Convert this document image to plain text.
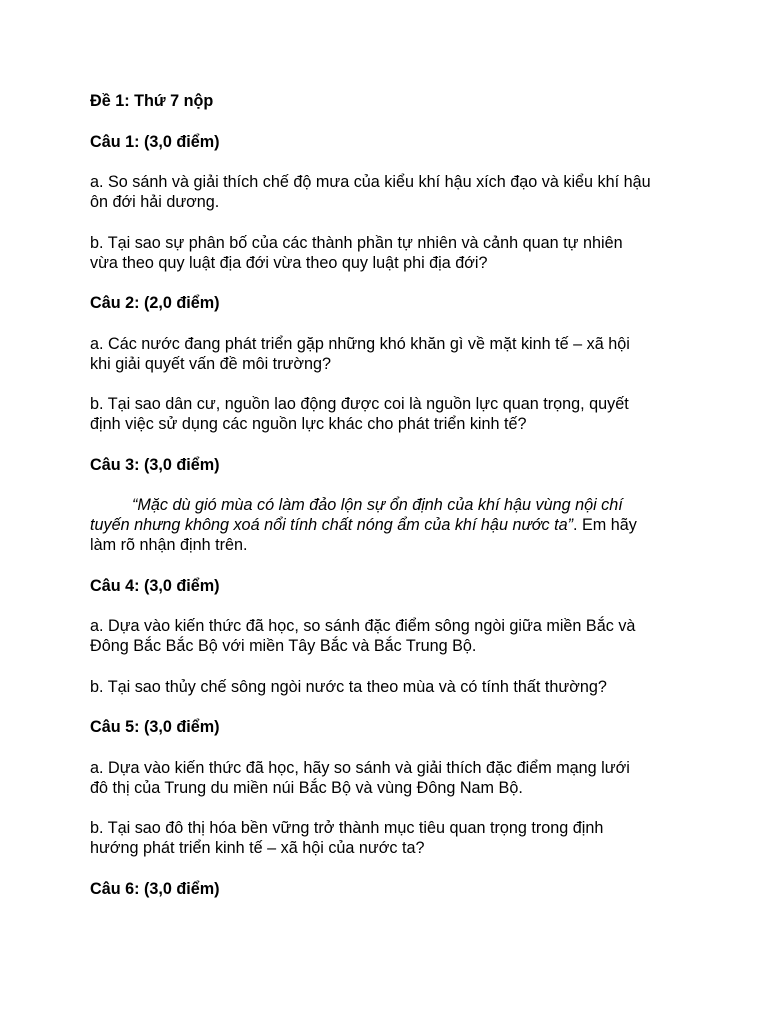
Đề 1: Thứ 7 nộp

Câu 1: (3,0 điểm)

a. So sánh và giải thích chế độ mưa của kiểu khí hậu xích đạo và kiểu khí hậu
ôn đới hải dương.

b. Tại sao sự phân bố của các thành phần tự nhiên và cảnh quan tự nhiên
vừa theo quy luật địa đới vừa theo quy luật phi địa đới?

Câu 2: (2,0 điểm)

a. Các nước đang phát triển gặp những khó khăn gì về mặt kinh tế – xã hội
khi giải quyết vấn đề môi trường?

b. Tại sao dân cư, nguồn lao động được coi là nguồn lực quan trọng, quyết
định việc sử dụng các nguồn lực khác cho phát triển kinh tế?

Câu 3: (3,0 điểm)

“Mặc dù gió mùa có làm đảo lộn sự ổn định của khí hậu vùng nội chí
tuyến nhưng không xoá nổi tính chất nóng ẩm của khí hậu nước ta”. Em hãy
làm rõ nhận định trên.

Câu 4: (3,0 điểm)

a. Dựa vào kiến thức đã học, so sánh đặc điểm sông ngòi giữa miền Bắc và
Đông Bắc Bắc Bộ với miền Tây Bắc và Bắc Trung Bộ.

b. Tại sao thủy chế sông ngòi nước ta theo mùa và có tính thất thường?

Câu 5: (3,0 điểm)

a. Dựa vào kiến thức đã học, hãy so sánh và giải thích đặc điểm mạng lưới
đô thị của Trung du miền núi Bắc Bộ và vùng Đông Nam Bộ.

b. Tại sao đô thị hóa bền vững trở thành mục tiêu quan trọng trong định
hướng phát triển kinh tế – xã hội của nước ta?

Câu 6: (3,0 điểm)
